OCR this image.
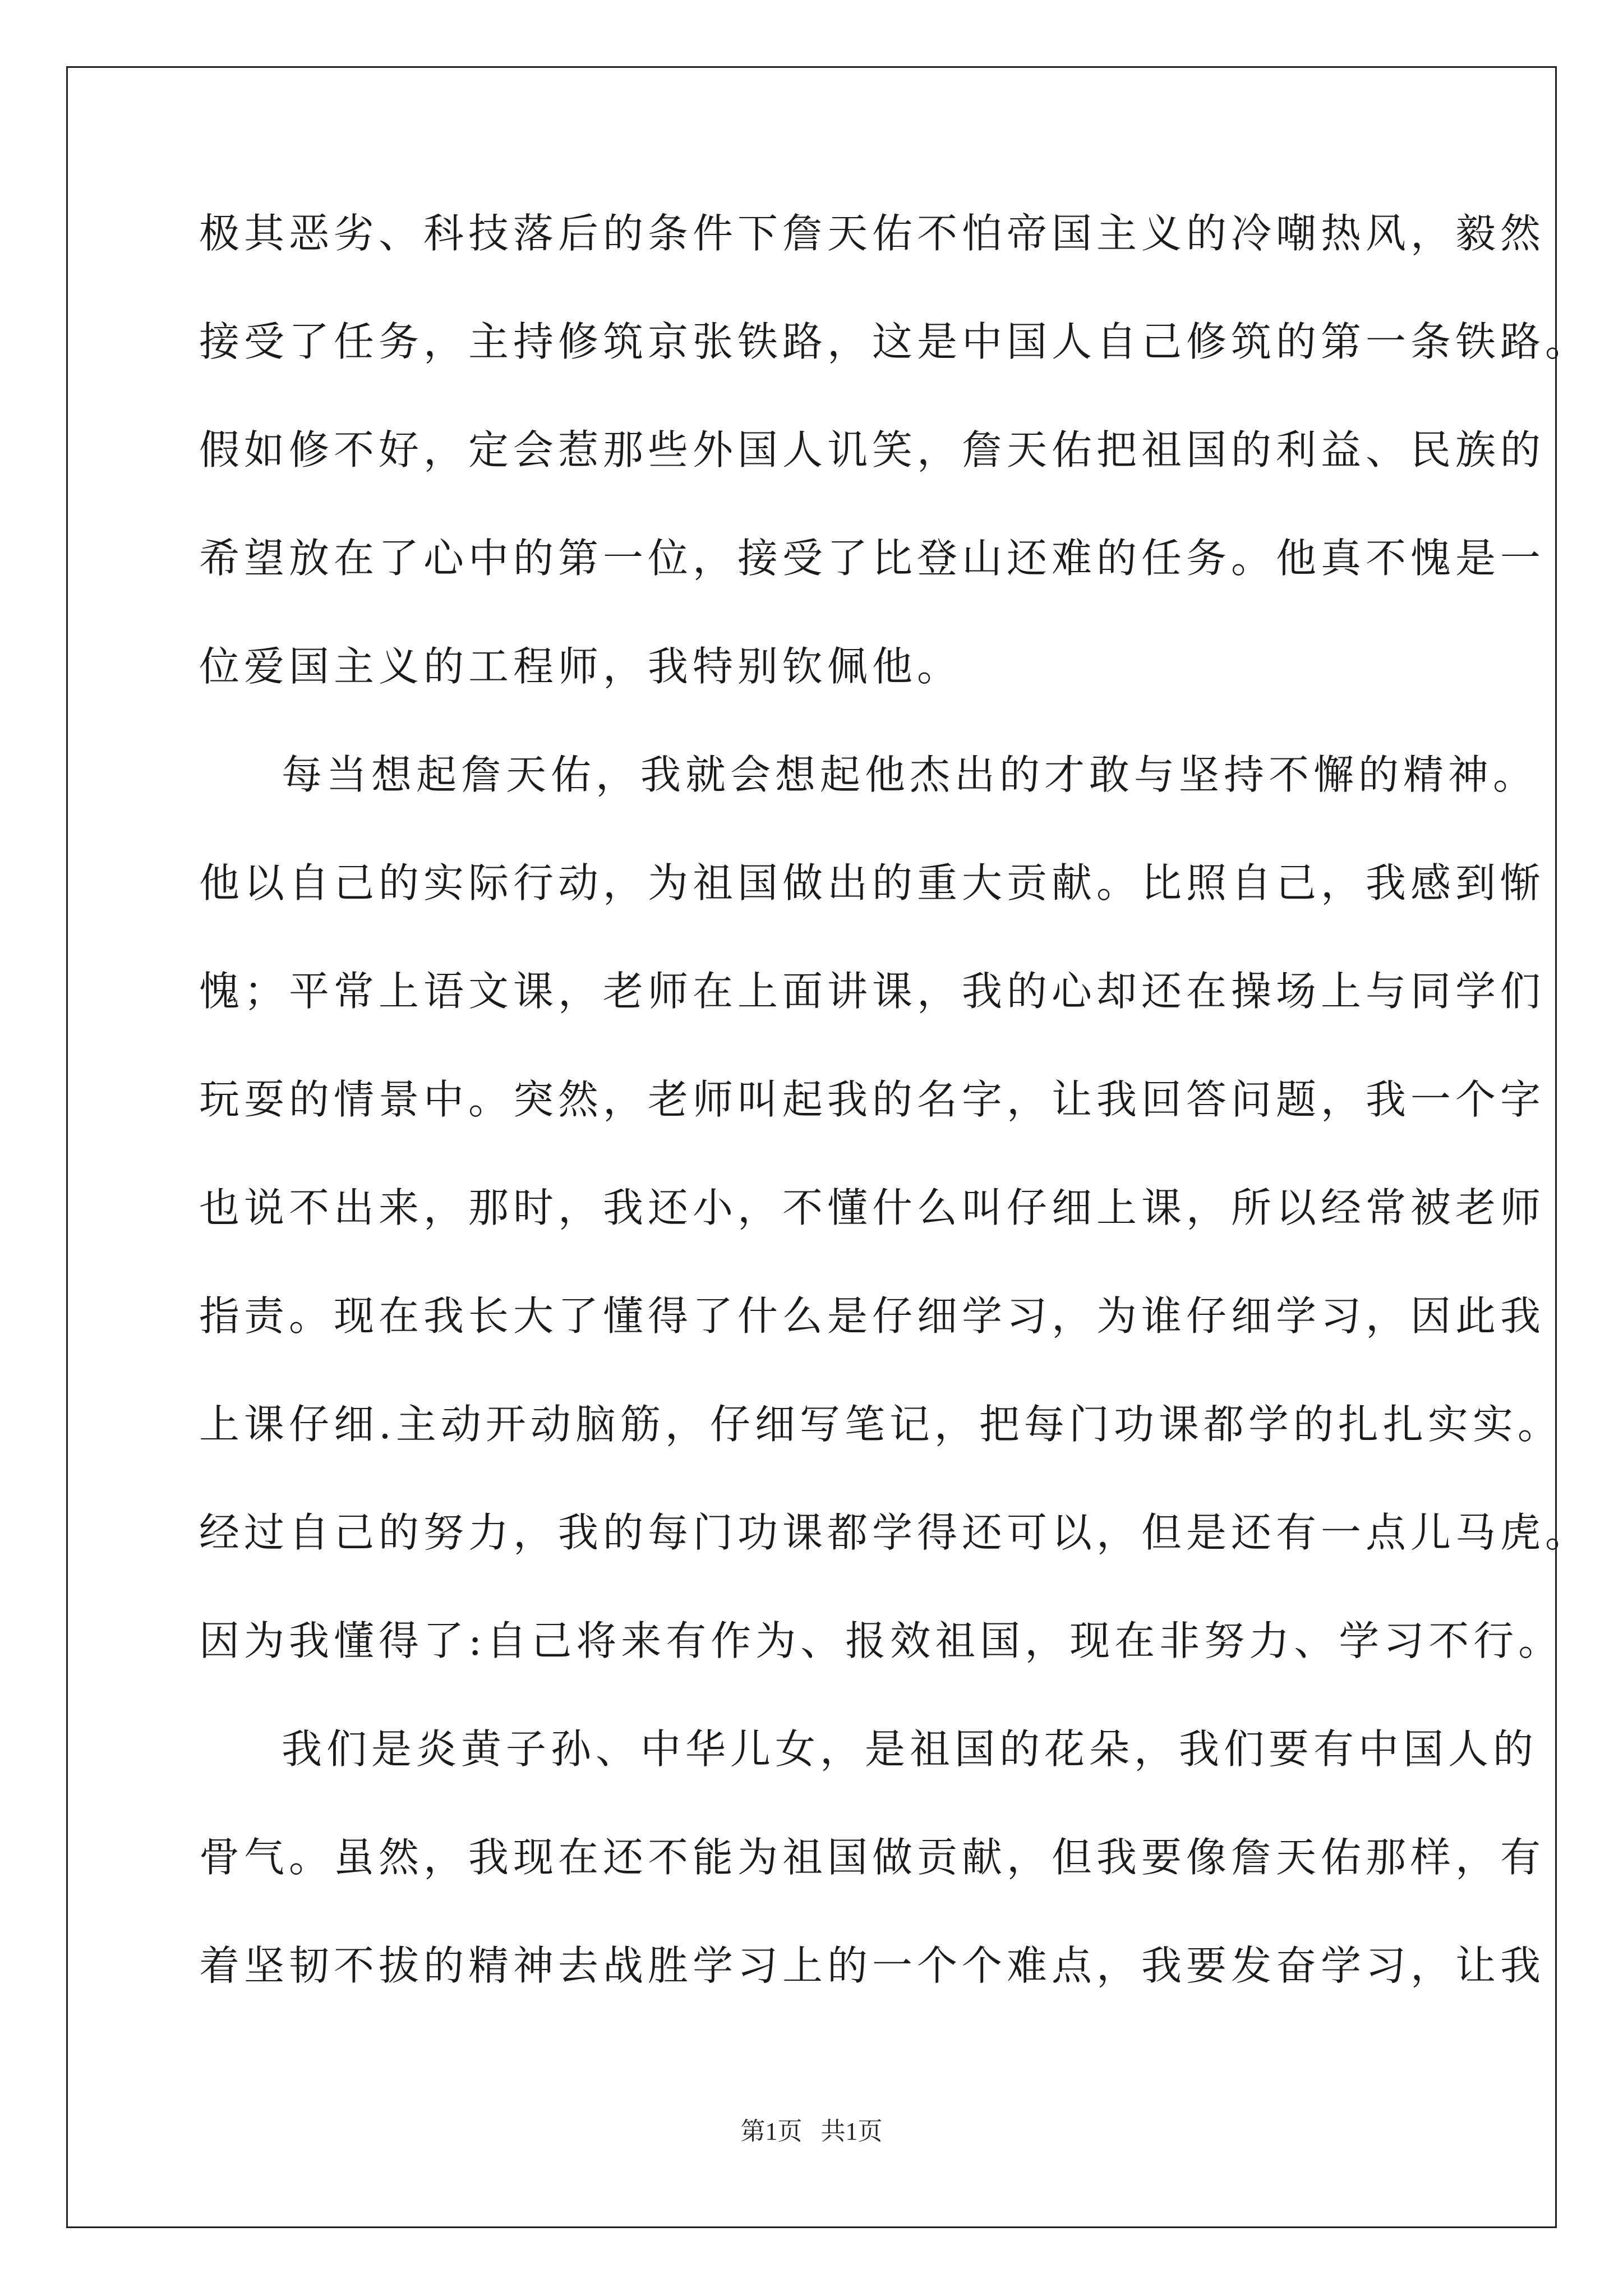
极其恶劣、科技落后的条件下詹天佑不怕帝国主义的冷嘲热风，毅然
接受了任务，主持修筑京张铁路，这是中国人自己修筑的第一条铁路。
假如修不好，定会惹那些外国人讥笑，詹天佑把祖国的利益、民族的
希望放在了心中的第一位，接受了比登山还难的任务。他真不愧是一
位爱国主义的工程师，我特别钦佩他。
每当想起詹天佑，我就会想起他杰出的才敢与坚持不懈的精神。
他以自己的实际行动，为祖国做出的重大贡献。比照自己，我感到惭
愧；平常上语文课，老师在上面讲课，我的心却还在操场上与同学们
玩耍的情景中。突然，老师叫起我的名字，让我回答问题，我一个字
也说不出来，那时，我还小，不懂什么叫仔细上课，所以经常被老师
指责。现在我长大了懂得了什么是仔细学习，为谁仔细学习，因此我
上课仔细.主动开动脑筋，仔细写笔记，把每门功课都学的扎扎实实。
经过自己的努力，我的每门功课都学得还可以，但是还有一点儿马虎。
因为我懂得了:自己将来有作为、报效祖国，现在非努力、学习不行。
我们是炎黄子孙、中华儿女，是祖国的花朵，我们要有中国人的
骨气。虽然，我现在还不能为祖国做贡献，但我要像詹天佑那样，有
着坚韧不拔的精神去战胜学习上的一个个难点，我要发奋学习，让我
第1页   共1页
